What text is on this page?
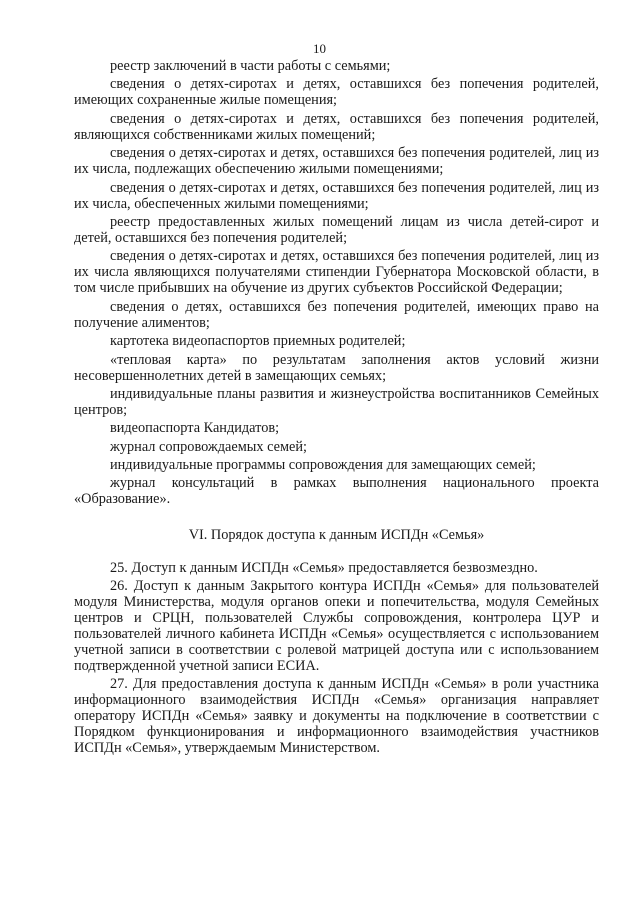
10

реестр заключений в части работы с семьями;

сведения о детях-сиротах и детях, оставшихся без попечения родителей, имеющих сохраненные жилые помещения;

сведения о детях-сиротах и детях, оставшихся без попечения родителей, являющихся собственниками жилых помещений;

сведения о детях-сиротах и детях, оставшихся без попечения родителей, лиц из их числа, подлежащих обеспечению жилыми помещениями;

сведения о детях-сиротах и детях, оставшихся без попечения родителей, лиц из их числа, обеспеченных жилыми помещениями;

реестр предоставленных жилых помещений лицам из числа детей-сирот и детей, оставшихся без попечения родителей;

сведения о детях-сиротах и детях, оставшихся без попечения родителей, лиц из их числа являющихся получателями стипендии Губернатора Московской области, в том числе прибывших на обучение из других субъектов Российской Федерации;

сведения о детях, оставшихся без попечения родителей, имеющих право на получение алиментов;

картотека видеопаспортов приемных родителей;

«тепловая карта» по результатам заполнения актов условий жизни несовершеннолетних детей в замещающих семьях;

индивидуальные планы развития и жизнеустройства воспитанников Семейных центров;

видеопаспорта Кандидатов;

журнал сопровождаемых семей;

индивидуальные программы сопровождения для замещающих семей;

журнал консультаций в рамках выполнения национального проекта «Образование».

VI. Порядок доступа к данным ИСПДн «Семья»

25. Доступ к данным ИСПДн «Семья» предоставляется безвозмездно.

26. Доступ к данным Закрытого контура ИСПДн «Семья» для пользователей модуля Министерства, модуля органов опеки и попечительства, модуля Семейных центров и СРЦН, пользователей Службы сопровождения, контролера ЦУР и пользователей личного кабинета ИСПДн «Семья» осуществляется с использованием учетной записи в соответствии с ролевой матрицей доступа или с использованием подтвержденной учетной записи ЕСИА.

27. Для предоставления доступа к данным ИСПДн «Семья» в роли участника информационного взаимодействия ИСПДн «Семья» организация направляет оператору ИСПДн «Семья» заявку и документы на подключение в соответствии с Порядком функционирования и информационного взаимодействия участников ИСПДн «Семья», утверждаемым Министерством.
